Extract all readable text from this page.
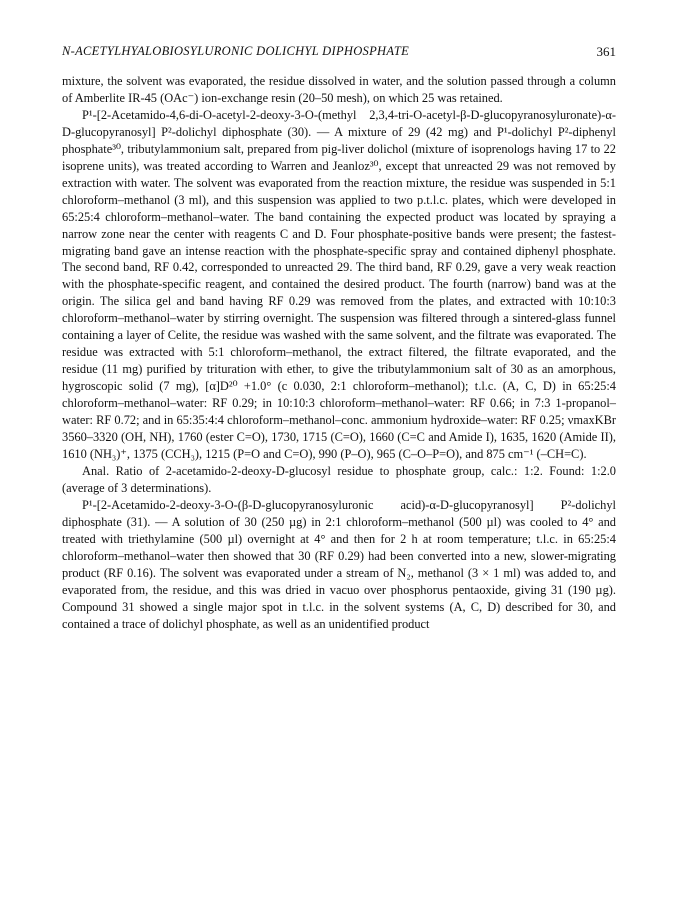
N-ACETYLHYALOBIOSYLURONIC DOLICHYL DIPHOSPHATE	361

mixture, the solvent was evaporated, the residue dissolved in water, and the solution passed through a column of Amberlite IR-45 (OAc⁻) ion-exchange resin (20–50 mesh), on which 25 was retained.

P¹-[2-Acetamido-4,6-di-O-acetyl-2-deoxy-3-O-(methyl 2,3,4-tri-O-acetyl-β-D-glucopyranosyluronate)-α-D-glucopyranosyl] P²-dolichyl diphosphate (30). — A mixture of 29 (42 mg) and P¹-dolichyl P²-diphenyl phosphate³⁰, tributylammonium salt, prepared from pig-liver dolichol (mixture of isoprenologs having 17 to 22 isoprene units), was treated according to Warren and Jeanloz³⁰, except that unreacted 29 was not removed by extraction with water. The solvent was evaporated from the reaction mixture, the residue was suspended in 5:1 chloroform–methanol (3 ml), and this suspension was applied to two p.t.l.c. plates, which were developed in 65:25:4 chloroform–methanol–water. The band containing the expected product was located by spraying a narrow zone near the center with reagents C and D. Four phosphate-positive bands were present; the fastest-migrating band gave an intense reaction with the phosphate-specific spray and contained diphenyl phosphate. The second band, RF 0.42, corresponded to unreacted 29. The third band, RF 0.29, gave a very weak reaction with the phosphate-specific reagent, and contained the desired product. The fourth (narrow) band was at the origin. The silica gel and band having RF 0.29 was removed from the plates, and extracted with 10:10:3 chloroform–methanol–water by stirring overnight. The suspension was filtered through a sintered-glass funnel containing a layer of Celite, the residue was washed with the same solvent, and the filtrate was evaporated. The residue was extracted with 5:1 chloroform–methanol, the extract filtered, the filtrate evaporated, and the residue (11 mg) purified by trituration with ether, to give the tributylammonium salt of 30 as an amorphous, hygroscopic solid (7 mg), [α]D²⁰ +1.0° (c 0.030, 2:1 chloroform–methanol); t.l.c. (A, C, D) in 65:25:4 chloroform–methanol–water: RF 0.29; in 10:10:3 chloroform–methanol–water: RF 0.66; in 7:3 1-propanol–water: RF 0.72; and in 65:35:4:4 chloroform–methanol–conc. ammonium hydroxide–water: RF 0.25; νmaxKBr 3560–3320 (OH, NH), 1760 (ester C=O), 1730, 1715 (C=O), 1660 (C=C and Amide I), 1635, 1620 (Amide II), 1610 (NH₃)⁺, 1375 (CCH₃), 1215 (P=O and C=O), 990 (P–O), 965 (C–O–P=O), and 875 cm⁻¹ (–CH=C).

Anal. Ratio of 2-acetamido-2-deoxy-D-glucosyl residue to phosphate group, calc.: 1:2. Found: 1:2.0 (average of 3 determinations).

P¹-[2-Acetamido-2-deoxy-3-O-(β-D-glucopyranosyluronic acid)-α-D-glucopyranosyl] P²-dolichyl diphosphate (31). — A solution of 30 (250 µg) in 2:1 chloroform–methanol (500 µl) was cooled to 4° and treated with triethylamine (500 µl) overnight at 4° and then for 2 h at room temperature; t.l.c. in 65:25:4 chloroform–methanol–water then showed that 30 (RF 0.29) had been converted into a new, slower-migrating product (RF 0.16). The solvent was evaporated under a stream of N₂, methanol (3 × 1 ml) was added to, and evaporated from, the residue, and this was dried in vacuo over phosphorus pentaoxide, giving 31 (190 µg). Compound 31 showed a single major spot in t.l.c. in the solvent systems (A, C, D) described for 30, and contained a trace of dolichyl phosphate, as well as an unidentified product
